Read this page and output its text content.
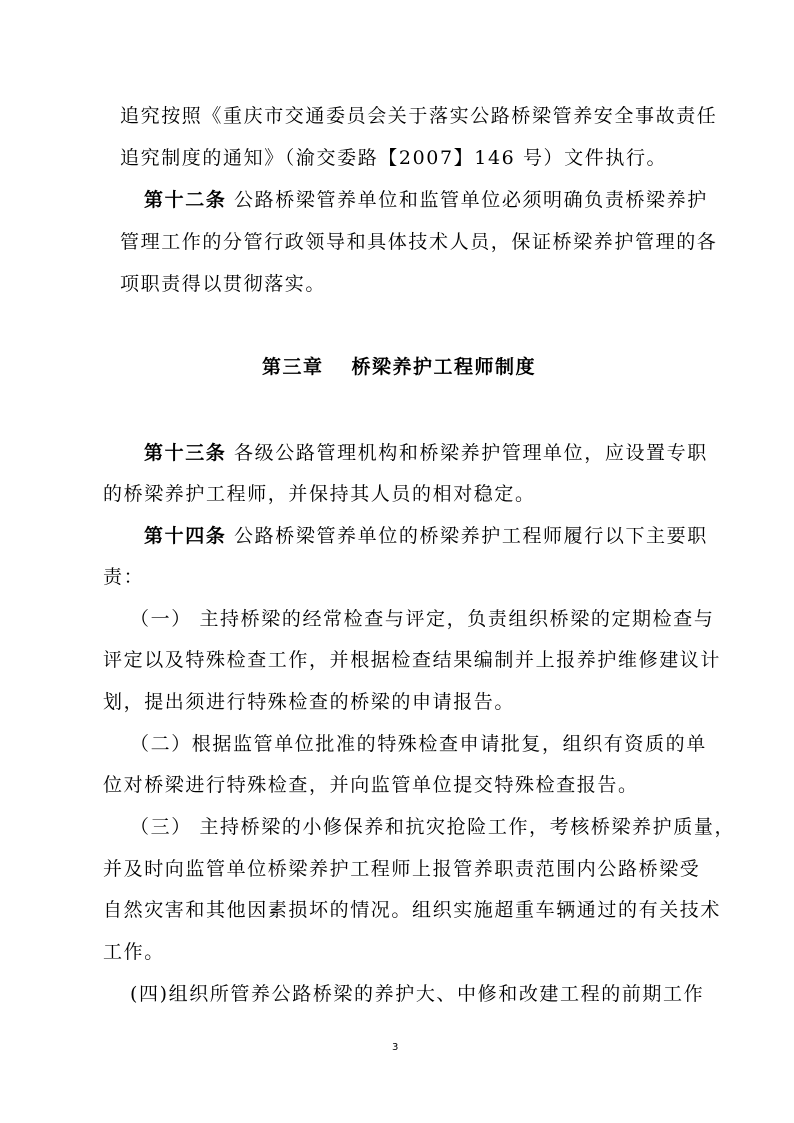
追究按照《重庆市交通委员会关于落实公路桥梁管养安全事故责任
追究制度的通知》（渝交委路【2007】146 号）文件执行。
第十二条 公路桥梁管养单位和监管单位必须明确负责桥梁养护
管理工作的分管行政领导和具体技术人员，保证桥梁养护管理的各
项职责得以贯彻落实。
第三章 桥梁养护工程师制度
第十三条 各级公路管理机构和桥梁养护管理单位，应设置专职
的桥梁养护工程师，并保持其人员的相对稳定。
第十四条 公路桥梁管养单位的桥梁养护工程师履行以下主要职
责：
（一） 主持桥梁的经常检查与评定，负责组织桥梁的定期检查与
评定以及特殊检查工作，并根据检查结果编制并上报养护维修建议计
划，提出须进行特殊检查的桥梁的申请报告。
（二）根据监管单位批准的特殊检查申请批复，组织有资质的单
位对桥梁进行特殊检查，并向监管单位提交特殊检查报告。
（三） 主持桥梁的小修保养和抗灾抢险工作，考核桥梁养护质量，
并及时向监管单位桥梁养护工程师上报管养职责范围内公路桥梁受
自然灾害和其他因素损坏的情况。组织实施超重车辆通过的有关技术
工作。
(四)组织所管养公路桥梁的养护大、中修和改建工程的前期工作
3
